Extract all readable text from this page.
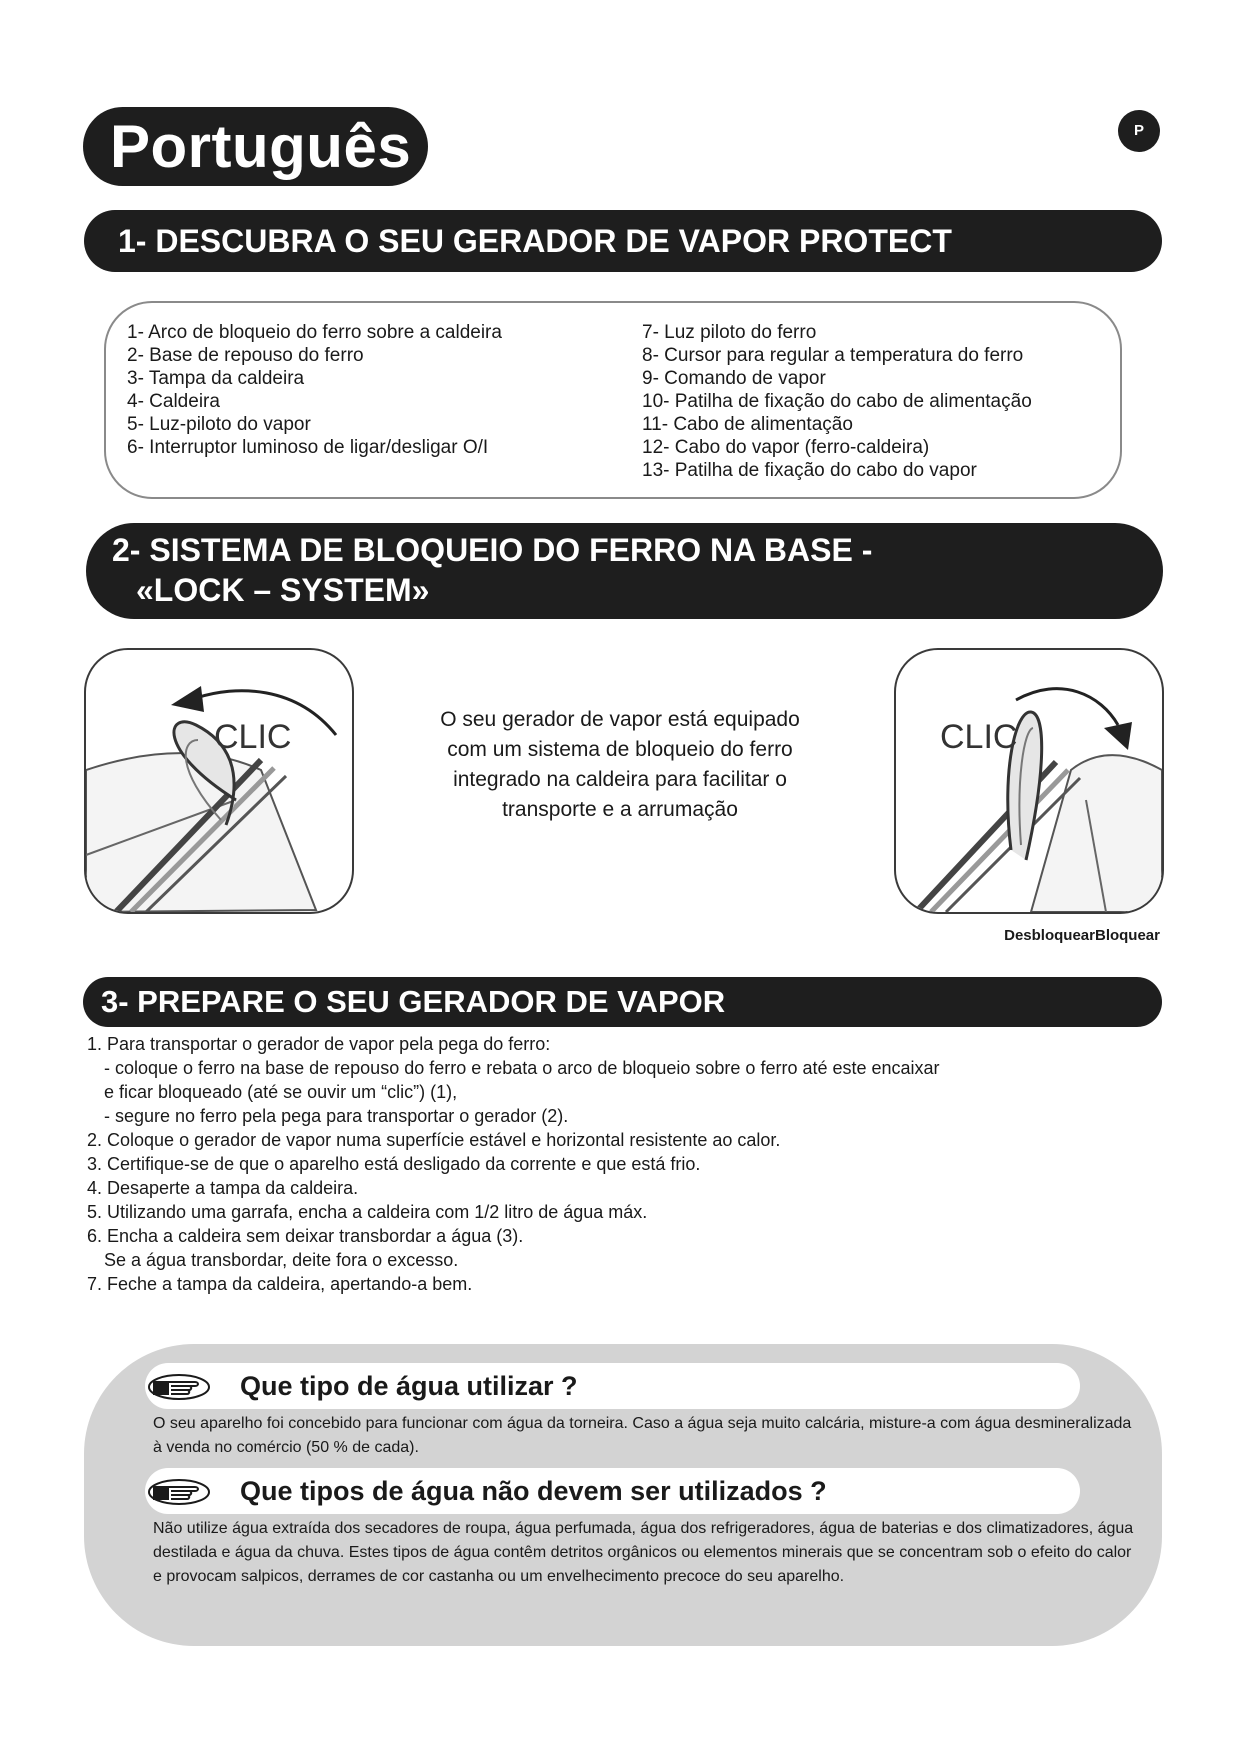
Português	P
1- DESCUBRA O SEU GERADOR DE VAPOR PROTECT
1- Arco de bloqueio do ferro sobre a caldeira
2- Base de repouso do ferro
3- Tampa da caldeira
4- Caldeira
5- Luz-piloto do vapor
6- Interruptor luminoso de ligar/desligar O/I
7- Luz piloto do ferro
8- Cursor para regular a temperatura do ferro
9- Comando de vapor
10- Patilha de fixação do cabo de alimentação
11- Cabo de alimentação
12- Cabo do vapor (ferro-caldeira)
13- Patilha de fixação do cabo do vapor
2- SISTEMA DE BLOQUEIO DO FERRO NA BASE -
«LOCK – SYSTEM»
CLIC	O seu gerador de vapor está equipado com um sistema de bloqueio do ferro integrado na caldeira para facilitar o transporte e a arrumação
CLIC
DesbloquearBloquear
3- PREPARE O SEU GERADOR DE VAPOR
1. Para transportar o gerador de vapor pela pega do ferro:
- coloque o ferro na base de repouso do ferro e rebata o arco de bloqueio sobre o ferro até este encaixar
e ficar bloqueado (até se ouvir um “clic”) (1),
- segure no ferro pela pega para transportar o gerador (2).
2. Coloque o gerador de vapor numa superfície estável e horizontal resistente ao calor.
3. Certifique-se de que o aparelho está desligado da corrente e que está frio.
4. Desaperte a tampa da caldeira.
5. Utilizando uma garrafa, encha a caldeira com 1/2 litro de água máx.
6. Encha a caldeira sem deixar transbordar a água (3).
Se a água transbordar, deite fora o excesso.
7. Feche a tampa da caldeira, apertando-a bem.
Que tipo de água utilizar ?
O seu aparelho foi concebido para funcionar com água da torneira. Caso a água seja muito calcária, misture-a com água desmineralizada à venda no comércio (50 % de cada).
Que tipos de água não devem ser utilizados ?
Não utilize água extraída dos secadores de roupa, água perfumada, água dos refrigeradores, água de baterias e dos climatizadores, água destilada e água da chuva. Estes tipos de água contêm detritos orgânicos ou elementos minerais que se concentram sob o efeito do calor e provocam salpicos, derrames de cor castanha ou um envelhecimento precoce do seu aparelho.
